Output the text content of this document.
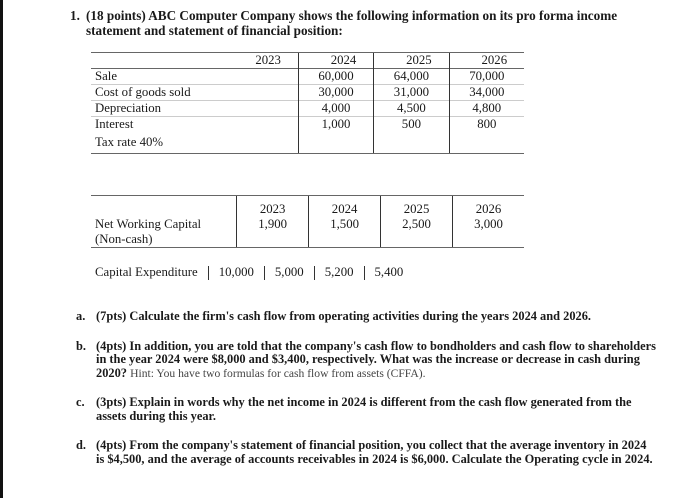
1. (18 points) ABC Computer Company shows the following information on its pro forma income
statement and statement of financial position:
	2023	2024	2025	2026
Sale		60,000	64,000	70,000
Cost of goods sold		30,000	31,000	34,000
Depreciation		4,000	4,500	4,800
Interest		1,000	500	800
Tax rate 40%				
	2023	2024	2025	2026
Net Working Capital	1,900	1,500	2,500	3,000
(Non-cash)				
Capital Expenditure 10,000 5,000 5,200 5,400
a. (7pts) Calculate the firm's cash flow from operating activities during the years 2024 and 2026.
b. (4pts) In addition, you are told that the company's cash flow to bondholders and cash flow to shareholders in the year 2024 were $8,000 and $3,400, respectively. What was the increase or decrease in cash during 2020? Hint: You have two formulas for cash flow from assets (CFFA).
c. (3pts) Explain in words why the net income in 2024 is different from the cash flow generated from the assets during this year.
d. (4pts) From the company's statement of financial position, you collect that the average inventory in 2024 is $4,500, and the average of accounts receivables in 2024 is $6,000. Calculate the Operating cycle in 2024.
